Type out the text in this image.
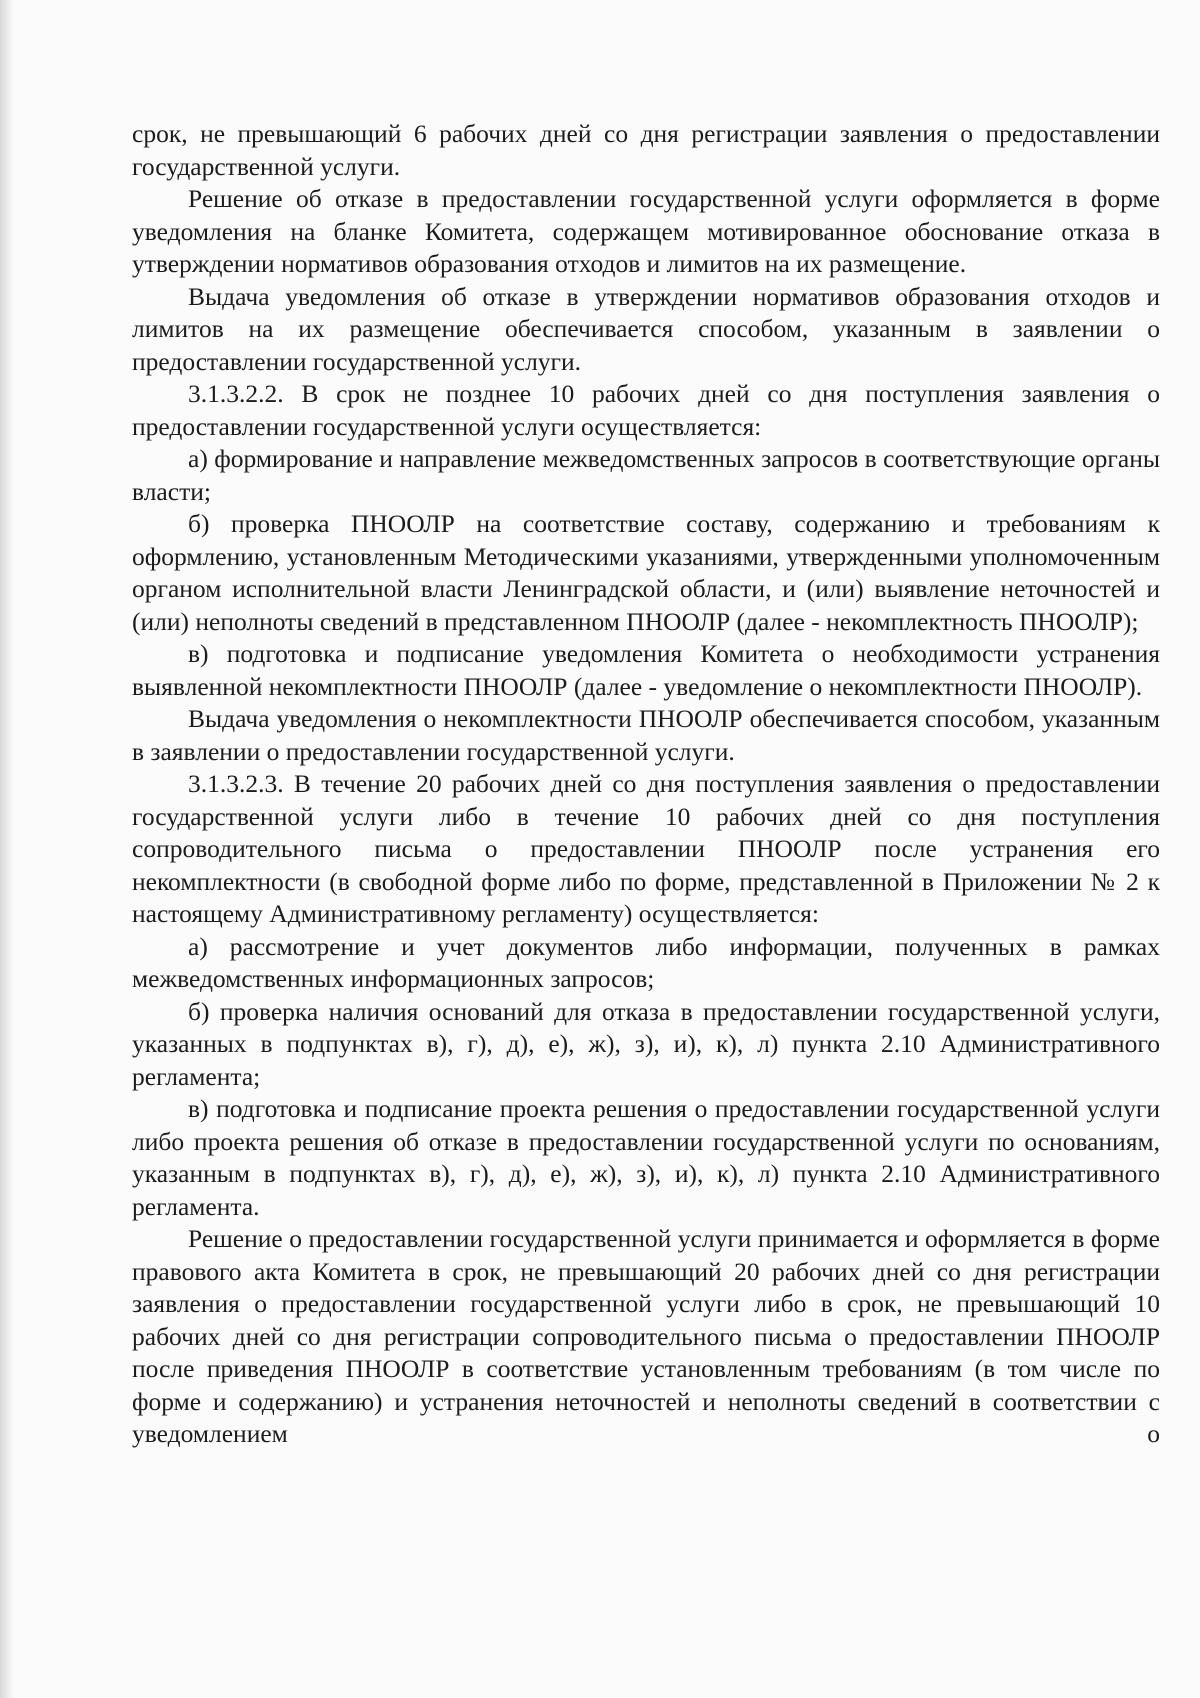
срок, не превышающий 6 рабочих дней со дня регистрации заявления о предоставлении государственной услуги.

Решение об отказе в предоставлении государственной услуги оформляется в форме уведомления на бланке Комитета, содержащем мотивированное обоснование отказа в утверждении нормативов образования отходов и лимитов на их размещение.

Выдача уведомления об отказе в утверждении нормативов образования отходов и лимитов на их размещение обеспечивается способом, указанным в заявлении о предоставлении государственной услуги.

3.1.3.2.2. В срок не позднее 10 рабочих дней со дня поступления заявления о предоставлении государственной услуги осуществляется:

а) формирование и направление межведомственных запросов в соответствующие органы власти;

б) проверка ПНООЛР на соответствие составу, содержанию и требованиям к оформлению, установленным Методическими указаниями, утвержденными уполномоченным органом исполнительной власти Ленинградской области, и (или) выявление неточностей и (или) неполноты сведений в представленном ПНООЛР (далее - некомплектность ПНООЛР);

в) подготовка и подписание уведомления Комитета о необходимости устранения выявленной некомплектности ПНООЛР (далее - уведомление о некомплектности ПНООЛР).

Выдача уведомления о некомплектности ПНООЛР обеспечивается способом, указанным в заявлении о предоставлении государственной услуги.

3.1.3.2.3. В течение 20 рабочих дней со дня поступления заявления о предоставлении государственной услуги либо в течение 10 рабочих дней со дня поступления сопроводительного письма о предоставлении ПНООЛР после устранения его некомплектности (в свободной форме либо по форме, представленной в Приложении № 2 к настоящему Административному регламенту) осуществляется:

а) рассмотрение и учет документов либо информации, полученных в рамках межведомственных информационных запросов;

б) проверка наличия оснований для отказа в предоставлении государственной услуги, указанных в подпунктах в), г), д), е), ж), з), и), к), л) пункта 2.10 Административного регламента;

в) подготовка и подписание проекта решения о предоставлении государственной услуги либо проекта решения об отказе в предоставлении государственной услуги по основаниям, указанным в подпунктах в), г), д), е), ж), з), и), к), л) пункта 2.10 Административного регламента.

Решение о предоставлении государственной услуги принимается и оформляется в форме правового акта Комитета в срок, не превышающий 20 рабочих дней со дня регистрации заявления о предоставлении государственной услуги либо в срок, не превышающий 10 рабочих дней со дня регистрации сопроводительного письма о предоставлении ПНООЛР после приведения ПНООЛР в соответствие установленным требованиям (в том числе по форме и содержанию) и устранения неточностей и неполноты сведений в соответствии с уведомлением о
